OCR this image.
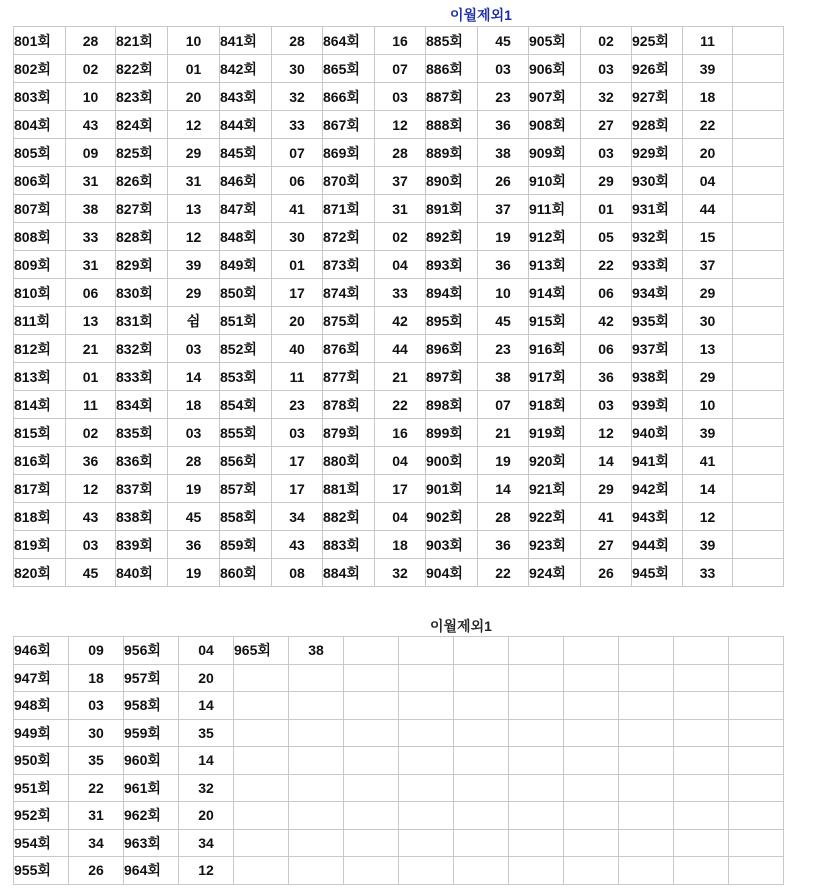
이월제외1
801회	28	821회	10	841회	28	864회	16	885회	45	905회	02	925회	11	
802회	02	822회	01	842회	30	865회	07	886회	03	906회	03	926회	39	
803회	10	823회	20	843회	32	866회	03	887회	23	907회	32	927회	18	
804회	43	824회	12	844회	33	867회	12	888회	36	908회	27	928회	22	
805회	09	825회	29	845회	07	869회	28	889회	38	909회	03	929회	20	
806회	31	826회	31	846회	06	870회	37	890회	26	910회	29	930회	04	
807회	38	827회	13	847회	41	871회	31	891회	37	911회	01	931회	44	
808회	33	828회	12	848회	30	872회	02	892회	19	912회	05	932회	15	
809회	31	829회	39	849회	01	873회	04	893회	36	913회	22	933회	37	
810회	06	830회	29	850회	17	874회	33	894회	10	914회	06	934회	29	
811회	13	831회	쉼	851회	20	875회	42	895회	45	915회	42	935회	30	
812회	21	832회	03	852회	40	876회	44	896회	23	916회	06	937회	13	
813회	01	833회	14	853회	11	877회	21	897회	38	917회	36	938회	29	
814회	11	834회	18	854회	23	878회	22	898회	07	918회	03	939회	10	
815회	02	835회	03	855회	03	879회	16	899회	21	919회	12	940회	39	
816회	36	836회	28	856회	17	880회	04	900회	19	920회	14	941회	41	
817회	12	837회	19	857회	17	881회	17	901회	14	921회	29	942회	14	
818회	43	838회	45	858회	34	882회	04	902회	28	922회	41	943회	12	
819회	03	839회	36	859회	43	883회	18	903회	36	923회	27	944회	39	
820회	45	840회	19	860회	08	884회	32	904회	22	924회	26	945회	33	
이월제외1
946회	09	956회	04	965회	38								
947회	18	957회	20										
948회	03	958회	14										
949회	30	959회	35										
950회	35	960회	14										
951회	22	961회	32										
952회	31	962회	20										
954회	34	963회	34										
955회	26	964회	12										
